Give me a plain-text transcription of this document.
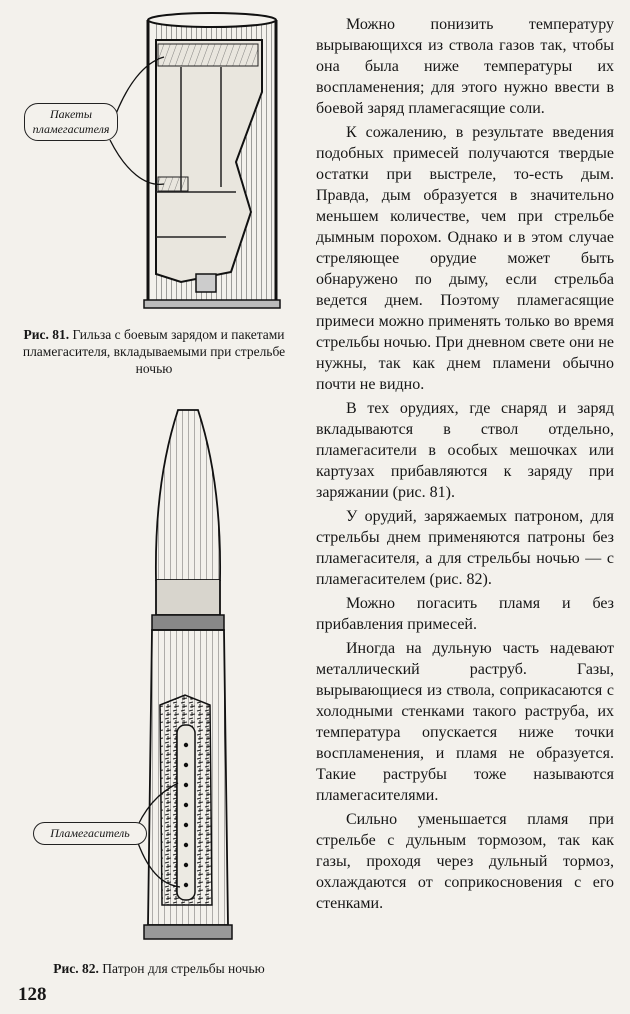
Пакеты пламегасителя

Рис. 81. Гильза с боевым зарядом и пакетами пламегасителя, вкладываемыми при стрельбе ночью

Пламегаситель

Рис. 82. Патрон для стрельбы ночью

Можно понизить температуру вырывающихся из ствола газов так, чтобы она была ниже температуры их воспламенения; для этого нужно ввести в боевой заряд пламегасящие соли.

К сожалению, в результате введения подобных примесей получаются твердые остатки при выстреле, то-есть дым. Правда, дым образуется в значительно меньшем количестве, чем при стрельбе дымным порохом. Однако и в этом случае стреляющее орудие может быть обнаружено по дыму, если стрельба ведется днем. Поэтому пламегасящие примеси можно применять только во время стрельбы ночью. При дневном свете они не нужны, так как днем пламени обычно почти не видно.

В тех орудиях, где снаряд и заряд вкладываются в ствол отдельно, пламегасители в особых мешочках или картузах прибавляются к заряду при заряжании (рис. 81).

У орудий, заряжаемых патроном, для стрельбы днем применяются патроны без пламегасителя, а для стрельбы ночью — с пламегасителем (рис. 82).

Можно погасить пламя и без прибавления примесей.

Иногда на дульную часть надевают металлический раструб. Газы, вырывающиеся из ствола, соприкасаются с холодными стенками такого раструба, их температура опускается ниже точки воспламенения, и пламя не образуется. Такие раструбы тоже называются пламегасителями.

Сильно уменьшается пламя при стрельбе с дульным тормозом, так как газы, проходя через дульный тормоз, охлаждаются от соприкосновения с его стенками.

128
